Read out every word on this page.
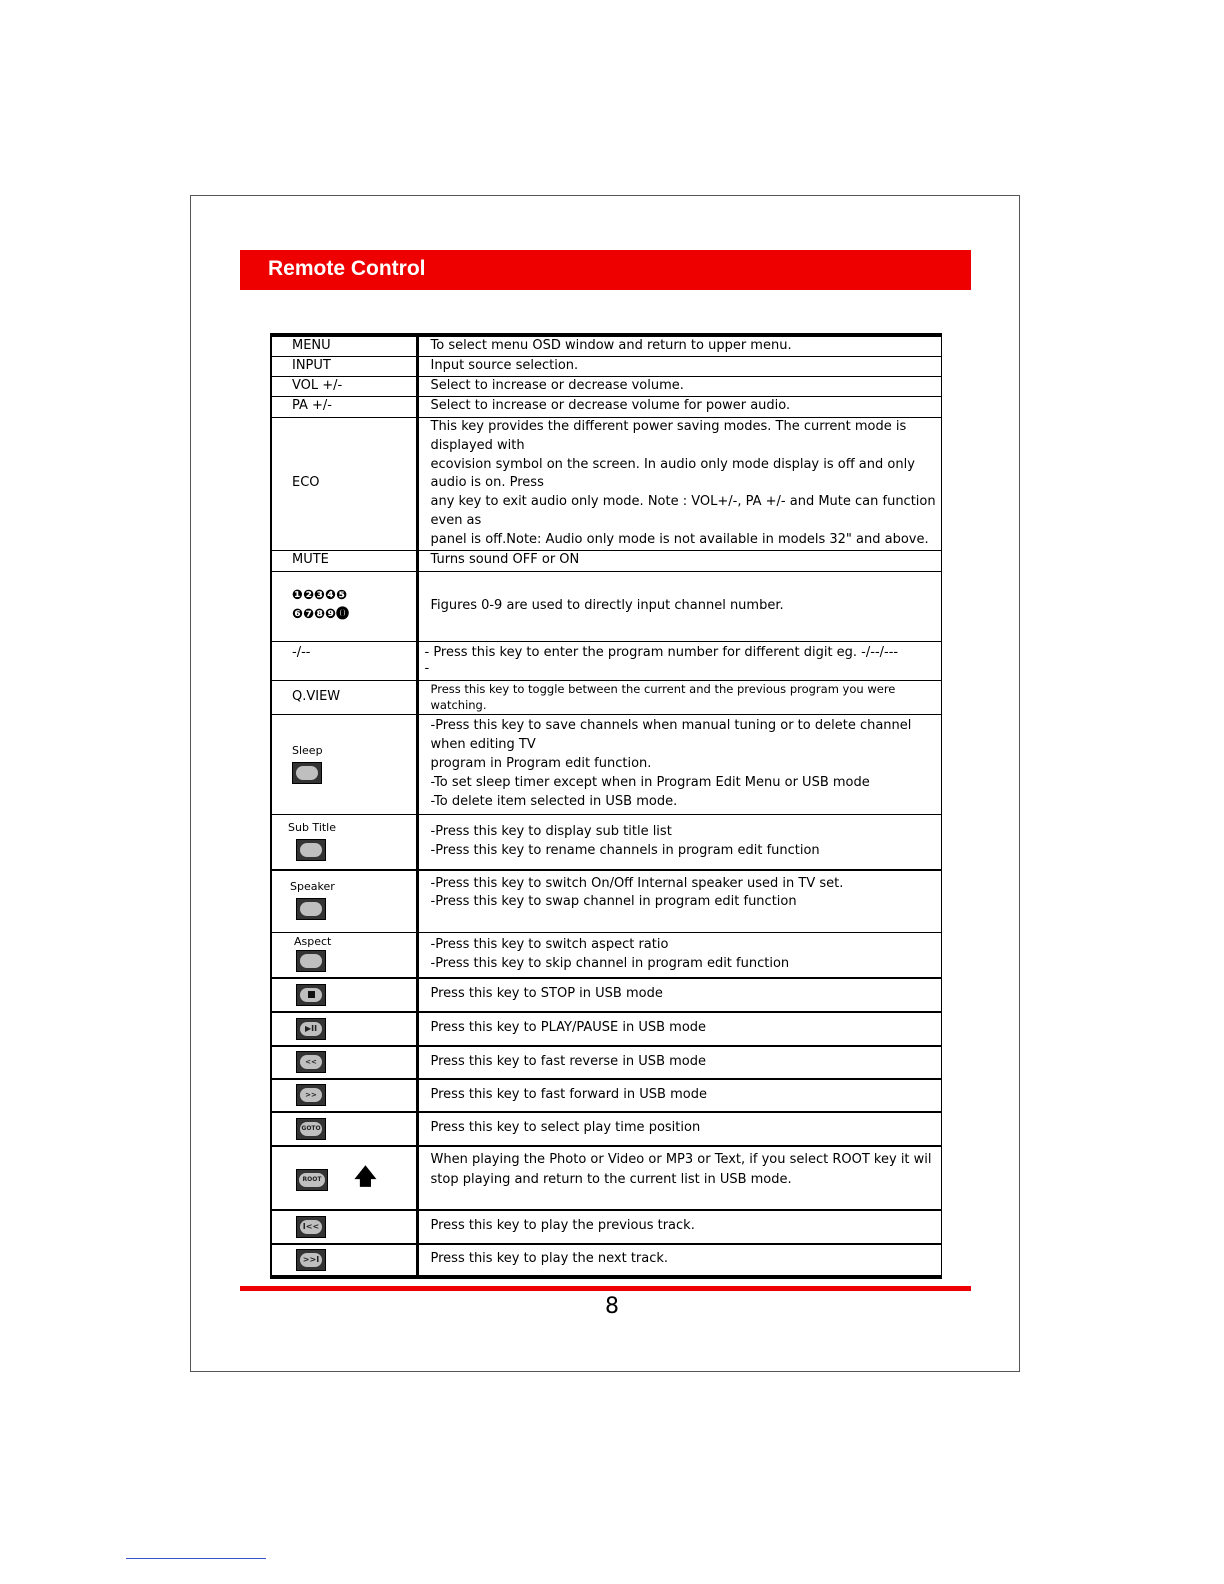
Remote Control
MENU	To select menu OSD window and return to upper menu.
INPUT	Input source selection.
VOL +/-	Select to increase or decrease volume.
PA +/-	Select to increase or decrease volume for power audio.
ECO	This key provides the different power saving modes. The current mode is displayed with
ecovision symbol on the screen. In audio only mode display is off and only audio is on. Press
any key to exit audio only mode. Note : VOL+/-, PA +/- and Mute can function even as
panel is off.Note: Audio only mode is not available in models 32" and above.

MUTE	Turns sound OFF or ON

❶❷❸❹❺
❻❼❽❾⓿	Figures 0-9 are used to directly input channel number.
-/--	- Press this key to enter the program number for different digit eg. -/--/---
-

Q.VIEW	Press this key to toggle between the current and the previous program you were watching.

Sleep	-Press this key to save channels when manual tuning or to delete channel when editing TV
program in Program edit function.
-To set sleep timer except when in Program Edit Menu or USB mode
-To delete item selected in USB mode.

Sub Title	-Press this key to display sub title list
-Press this key to rename channels in program edit function

Speaker	-Press this key to switch On/Off Internal speaker used in TV set.
-Press this key to swap channel in program edit function

Aspect	-Press this key to switch aspect ratio
-Press this key to skip channel in program edit function

	Press this key to STOP in USB mode

▶II	Press this key to PLAY/PAUSE in USB mode

<<	Press this key to fast reverse in USB mode

>>	Press this key to fast forward in USB mode

GOTO	Press this key to select play time position

ROOT 🡅	When playing the Photo or Video or MP3 or Text, if you select ROOT key it wil
stop playing and return to the current list in USB mode.

I<<	Press this key to play the previous track.

>>I	Press this key to play the next track.
8
